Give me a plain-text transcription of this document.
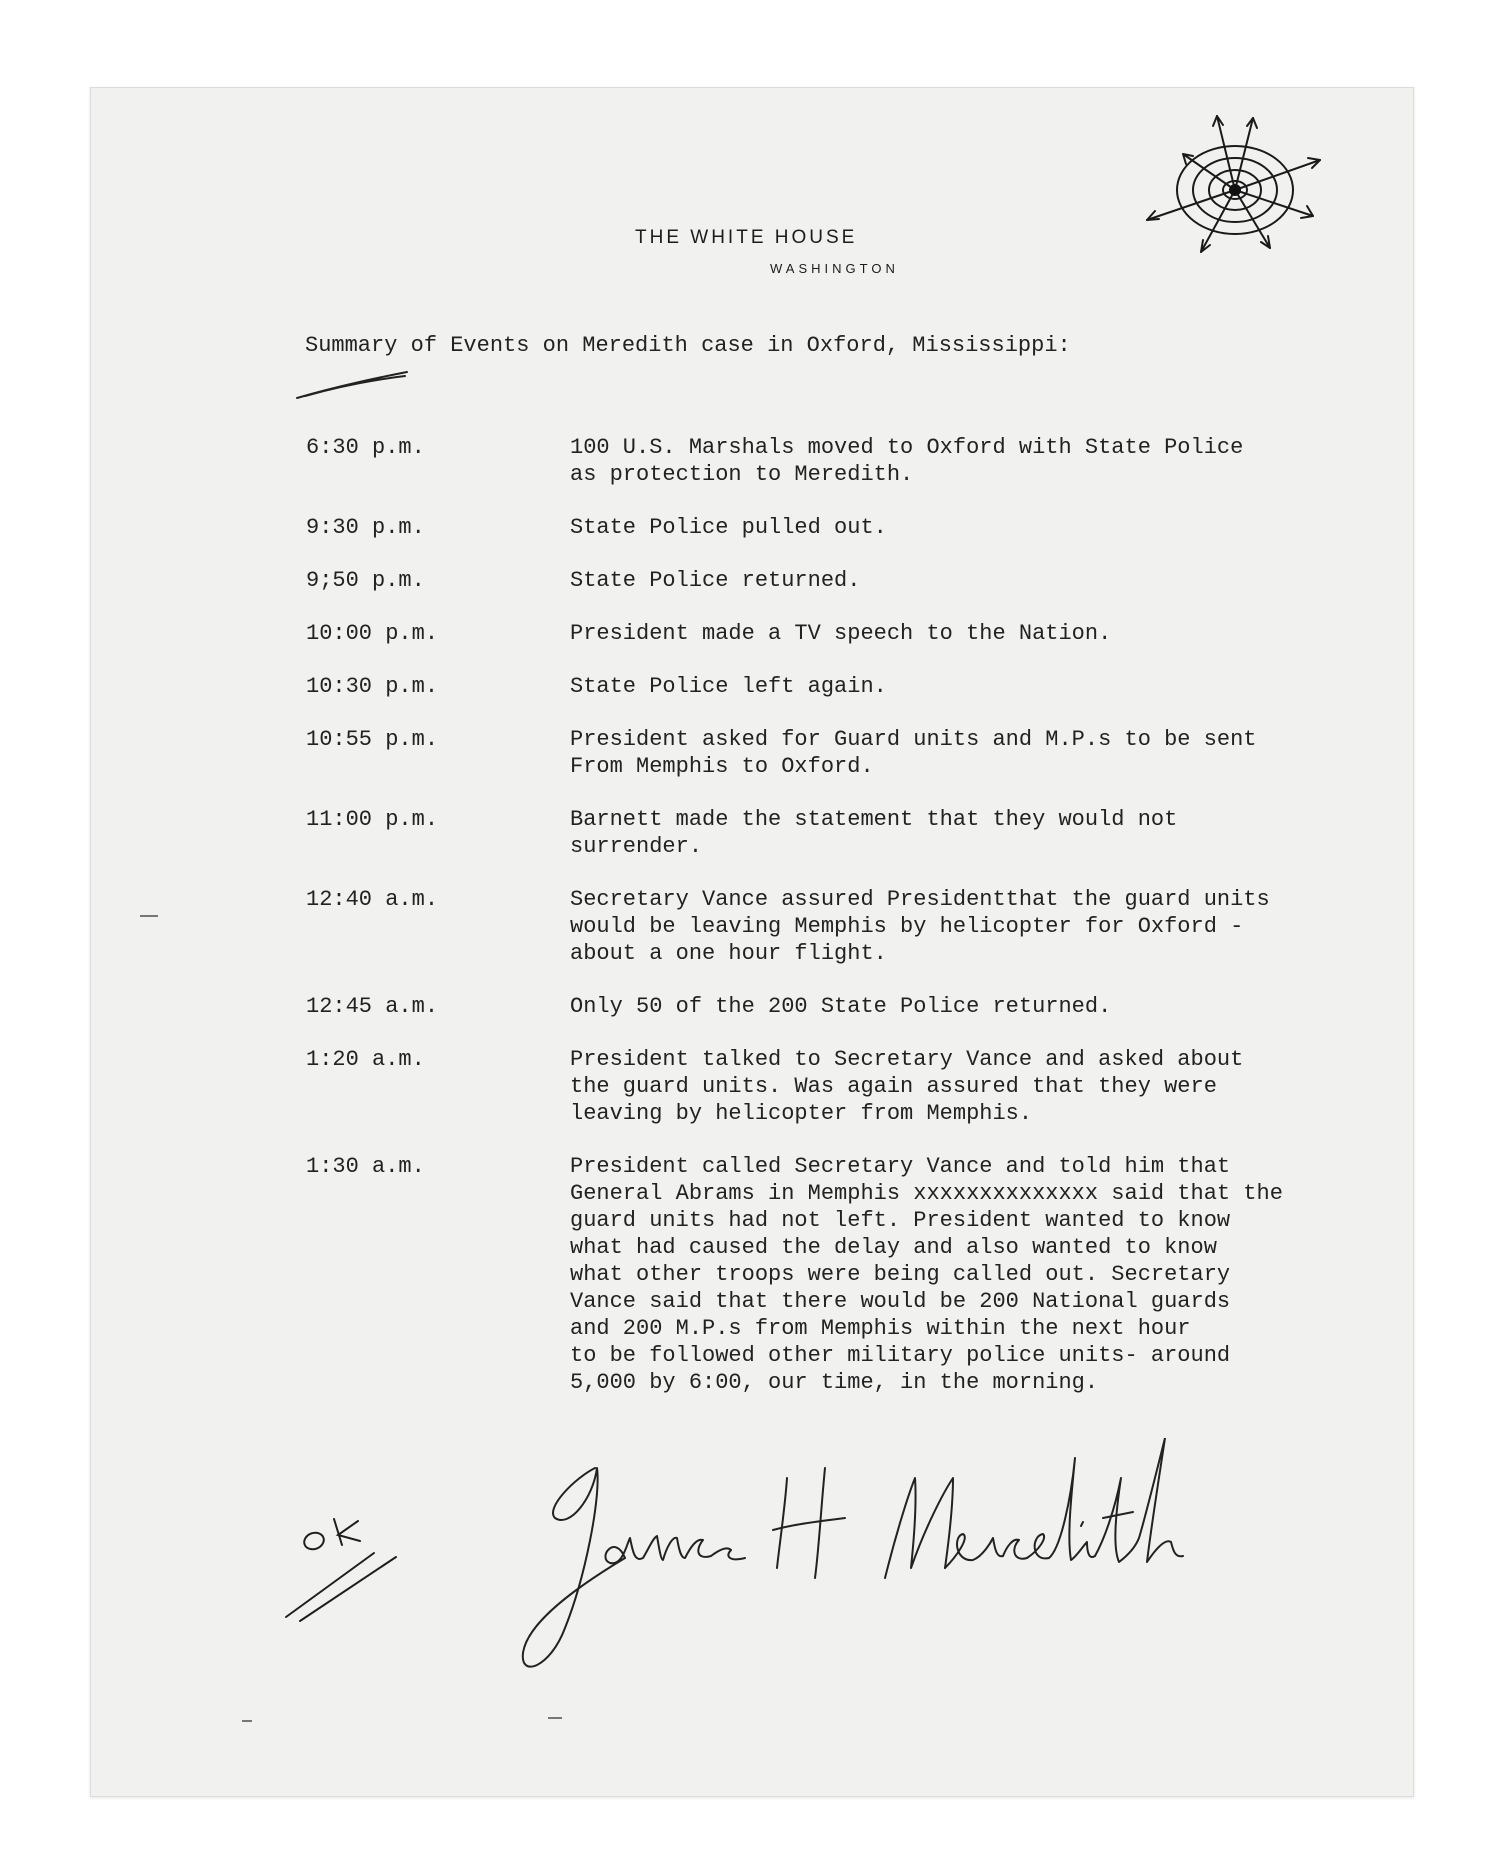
THE WHITE HOUSE
WASHINGTON
Summary of Events on Meredith case in Oxford, Mississippi:
6:30 p.m.	100 U.S. Marshals moved to Oxford with State Police
as protection to Meredith.
9:30 p.m.	State Police pulled out.
9;50 p.m.	State Police returned.
10:00 p.m.	President made a TV speech to the Nation.
10:30 p.m.	State Police left again.
10:55 p.m.	President asked for Guard units and M.P.s to be sent
From Memphis to Oxford.
11:00 p.m.	Barnett made the statement that they would not
surrender.
12:40 a.m.	Secretary Vance assured Presidentthat the guard units
would be leaving Memphis by helicopter for Oxford -
about a one hour flight.
12:45 a.m.	Only 50 of the 200 State Police returned.
1:20 a.m.	President talked to Secretary Vance and asked about
the guard units. Was again assured that they were
leaving by helicopter from Memphis.
1:30 a.m.	President called Secretary Vance and told him that
General Abrams in Memphis xxxxxxxxxxxxxx said that the
guard units had not left. President wanted to know
what had caused the delay and also wanted to know
what other troops were being called out. Secretary
Vance said that there would be 200 National guards
and 200 M.P.s from Memphis within the next hour
to be followed other military police units- around
5,000 by 6:00, our time, in the morning.
